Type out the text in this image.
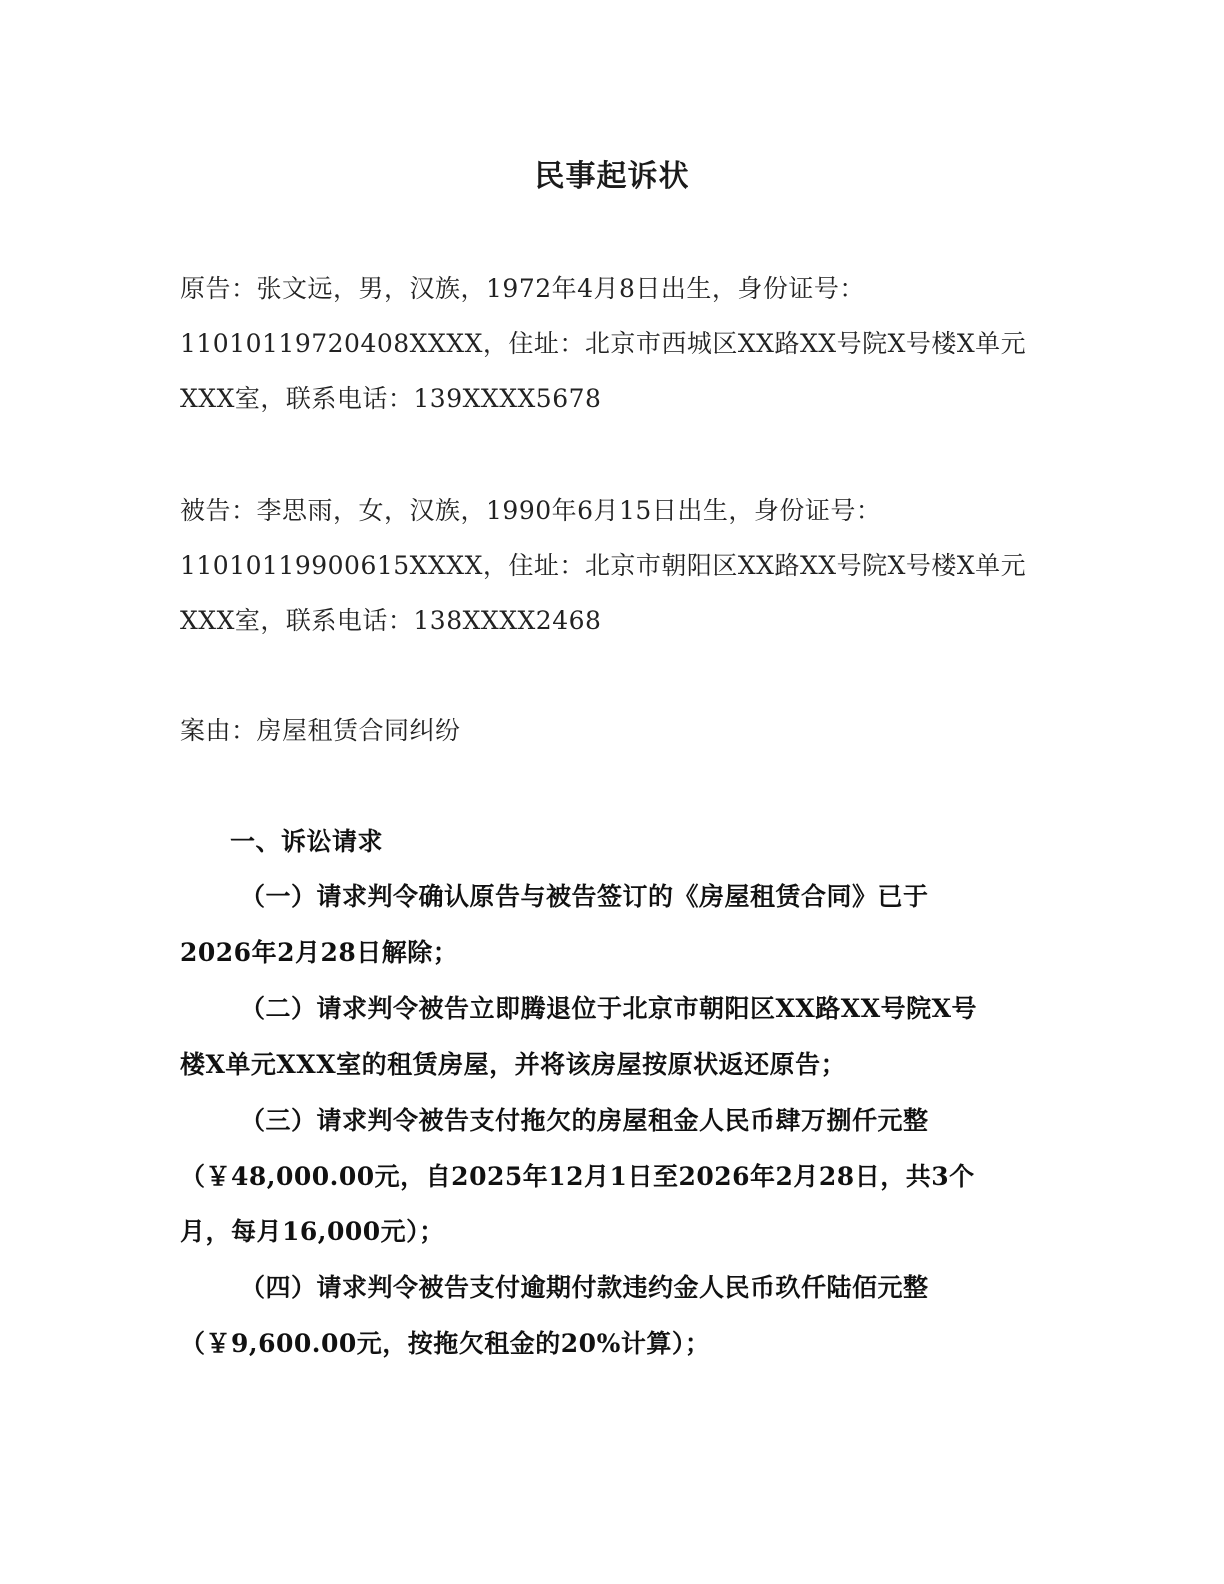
民事起诉状
原告：张文远，男，汉族，1972年4月8日出生，身份证号：
11010119720408XXXX，住址：北京市西城区XX路XX号院X号楼X单元
XXX室，联系电话：139XXXX5678
被告：李思雨，女，汉族，1990年6月15日出生，身份证号：
11010119900615XXXX，住址：北京市朝阳区XX路XX号院X号楼X单元
XXX室，联系电话：138XXXX2468
案由：房屋租赁合同纠纷
一、诉讼请求
（一）请求判令确认原告与被告签订的《房屋租赁合同》已于
2026年2月28日解除；
（二）请求判令被告立即腾退位于北京市朝阳区XX路XX号院X号
楼X单元XXX室的租赁房屋，并将该房屋按原状返还原告；
（三）请求判令被告支付拖欠的房屋租金人民币肆万捌仟元整
（￥48,000.00元，自2025年12月1日至2026年2月28日，共3个
月，每月16,000元）；
（四）请求判令被告支付逾期付款违约金人民币玖仟陆佰元整
（￥9,600.00元，按拖欠租金的20%计算）；
